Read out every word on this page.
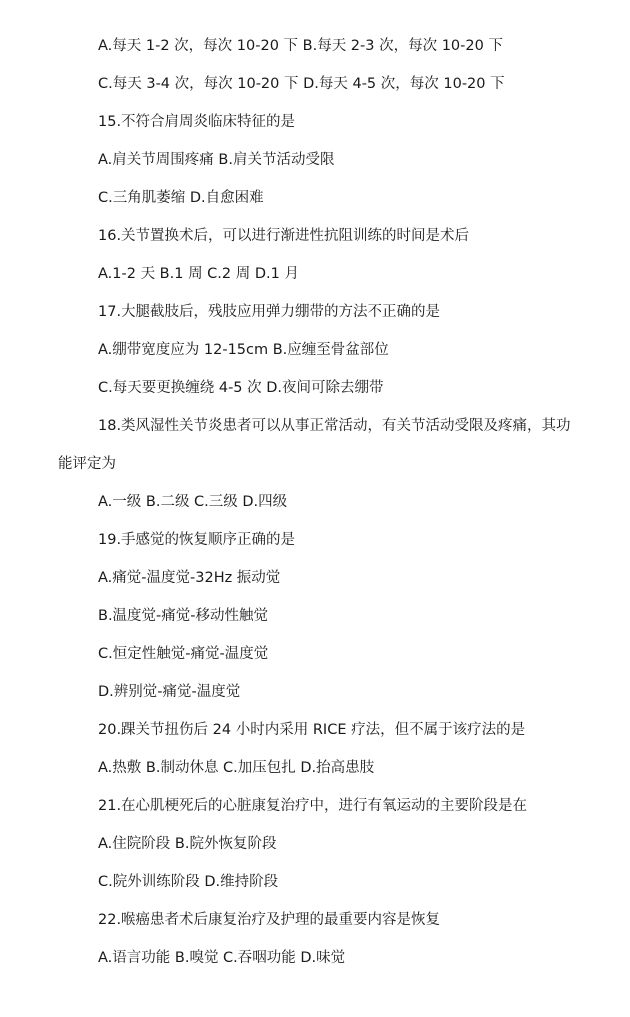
A.每天 1-2 次，每次 10-20 下 B.每天 2-3 次，每次 10-20 下
C.每天 3-4 次，每次 10-20 下 D.每天 4-5 次，每次 10-20 下
15.不符合肩周炎临床特征的是
A.肩关节周围疼痛 B.肩关节活动受限
C.三角肌萎缩 D.自愈困难
16.关节置换术后，可以进行渐进性抗阻训练的时间是术后
A.1-2 天 B.1 周 C.2 周 D.1 月
17.大腿截肢后，残肢应用弹力绷带的方法不正确的是
A.绷带宽度应为 12-15cm B.应缠至骨盆部位
C.每天要更换缠绕 4-5 次 D.夜间可除去绷带
18.类风湿性关节炎患者可以从事正常活动，有关节活动受限及疼痛，其功
能评定为
A.一级 B.二级 C.三级 D.四级
19.手感觉的恢复顺序正确的是
A.痛觉-温度觉-32Hz 振动觉
B.温度觉-痛觉-移动性触觉
C.恒定性触觉-痛觉-温度觉
D.辨别觉-痛觉-温度觉
20.踝关节扭伤后 24 小时内采用 RICE 疗法，但不属于该疗法的是
A.热敷 B.制动休息 C.加压包扎 D.抬高患肢
21.在心肌梗死后的心脏康复治疗中，进行有氧运动的主要阶段是在
A.住院阶段 B.院外恢复阶段
C.院外训练阶段 D.维持阶段
22.喉癌患者术后康复治疗及护理的最重要内容是恢复
A.语言功能 B.嗅觉 C.吞咽功能 D.味觉
